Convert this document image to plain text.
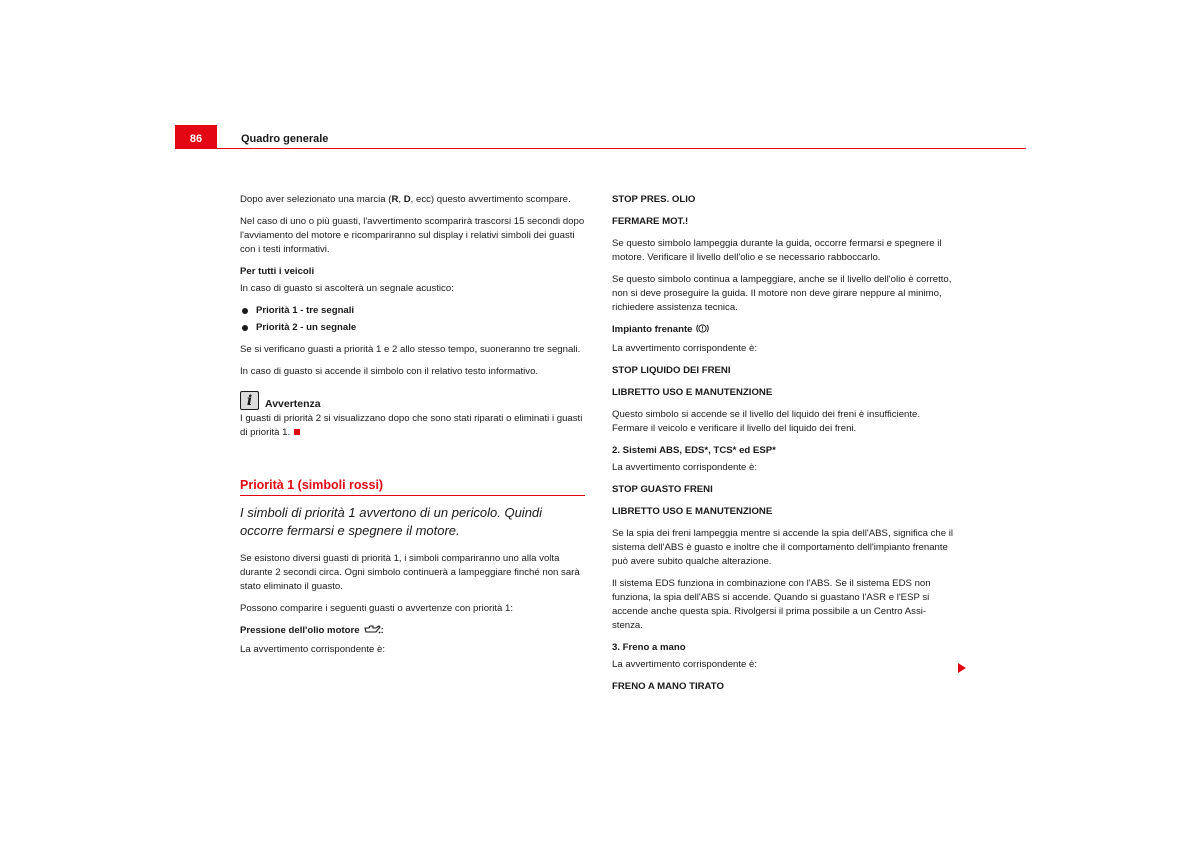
86	Quadro generale

Dopo aver selezionato una marcia (R, D, ecc) questo avvertimento scompare.

Nel caso di uno o più guasti, l'avvertimento scomparirà trascorsi 15 secondi dopo l'avviamento del motore e ricompariranno sul display i relativi simboli dei guasti con i testi informativi.

Per tutti i veicoli

In caso di guasto si ascolterà un segnale acustico:

Priorità 1 - tre segnali
Priorità 2 - un segnale

Se si verificano guasti a priorità 1 e 2 allo stesso tempo, suoneranno tre segnali.

In caso di guasto si accende il simbolo con il relativo testo informativo.

i Avvertenza

I guasti di priorità 2 si visualizzano dopo che sono stati riparati o eliminati i guasti di priorità 1.

Priorità 1 (simboli rossi)

I simboli di priorità 1 avvertono di un pericolo. Quindi occorre fermarsi e spegnere il motore.

Se esistono diversi guasti di priorità 1, i simboli compariranno uno alla volta durante 2 secondi circa. Ogni simbolo continuerà a lampeggiare finché non sarà stato eliminato il guasto.

Possono comparire i seguenti guasti o avvertenze con priorità 1:

Pressione dell'olio motore :

La avvertimento corrispondente è:

STOP PRES. OLIO

FERMARE MOT.!

Se questo simbolo lampeggia durante la guida, occorre fermarsi e spegnere il motore. Verificare il livello dell'olio e se necessario rabboccarlo.

Se questo simbolo continua a lampeggiare, anche se il livello dell'olio è corretto, non si deve proseguire la guida. Il motore non deve girare neppure al minimo, richiedere assistenza tecnica.

Impianto frenante

La avvertimento corrispondente è:

STOP LIQUIDO DEI FRENI

LIBRETTO USO E MANUTENZIONE

Questo simbolo si accende se il livello del liquido dei freni è insufficiente. Fermare il veicolo e verificare il livello del liquido dei freni.

2. Sistemi ABS, EDS*, TCS* ed ESP*

La avvertimento corrispondente è:

STOP GUASTO FRENI

LIBRETTO USO E MANUTENZIONE

Se la spia dei freni lampeggia mentre si accende la spia dell'ABS, significa che il sistema dell'ABS è guasto e inoltre che il comportamento dell'impianto frenante può avere subito qualche alterazione.

Il sistema EDS funziona in combinazione con l'ABS. Se il sistema EDS non funziona, la spia dell'ABS si accende. Quando si guastano l'ASR e l'ESP si accende anche questa spia. Rivolgersi il prima possibile a un Centro Assi-stenza.

3. Freno a mano

La avvertimento corrispondente è:

FRENO A MANO TIRATO
